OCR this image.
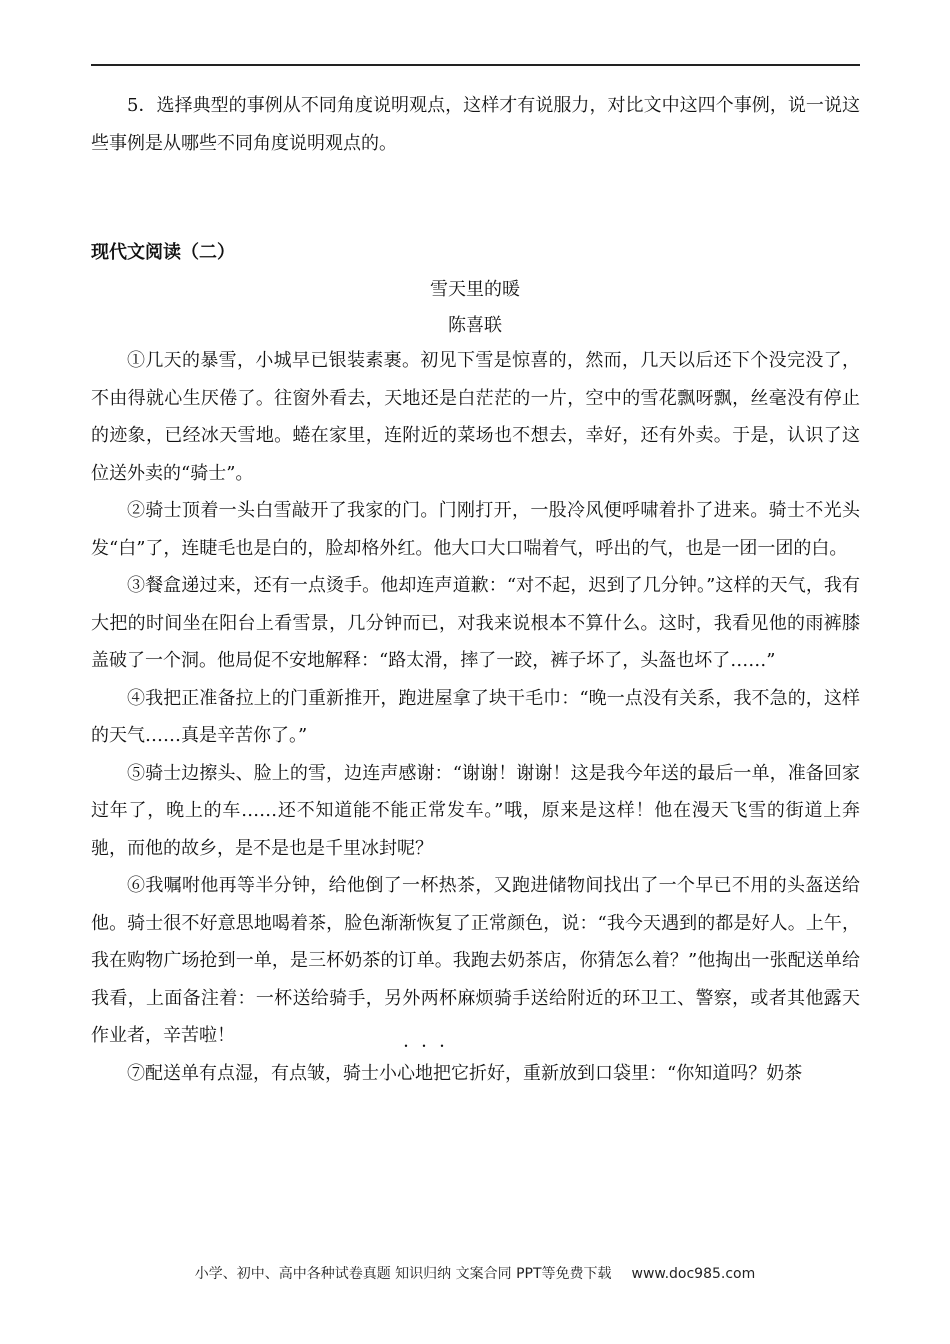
5．选择典型的事例从不同角度说明观点，这样才有说服力，对比文中这四个事例，说一说这些事例是从哪些不同角度说明观点的。
现代文阅读（二）
雪天里的暖
陈喜联

①几天的暴雪，小城早已银装素裹。初见下雪是惊喜的，然而，几天以后还下个没完没了，不由得就心生厌倦了。往窗外看去，天地还是白茫茫的一片，空中的雪花飘呀飘，丝毫没有停止的迹象，已经冰天雪地。蜷在家里，连附近的菜场也不想去，幸好，还有外卖。于是，认识了这位送外卖的“骑士”。

②骑士顶着一头白雪敲开了我家的门。门刚打开，一股冷风便呼啸着扑了进来。骑士不光头发“白”了，连睫毛也是白的，脸却格外红。他大口大口喘着气，呼出的气，也是一团一团的白。

③餐盒递过来，还有一点烫手。他却连声道歉：“对不起，迟到了几分钟。”这样的天气，我有大把的时间坐在阳台上看雪景，几分钟而已，对我来说根本不算什么。这时，我看见他的雨裤膝盖破了一个洞。他局促不安地解释：“路太滑，摔了一跤，裤子坏了，头盔也坏了……”

④我把正准备拉上的门重新推开，跑进屋拿了块干毛巾：“晚一点没有关系，我不急的，这样的天气……真是辛苦你了。”

⑤骑士边擦头、脸上的雪，边连声感谢：“谢谢！谢谢！这是我今年送的最后一单，准备回家过年了，晚上的车……还不知道能不能正常发车。”哦，原来是这样！他在漫天飞雪的街道上奔驰，而他的故乡，是不是也是千里冰封呢？

⑥我嘱咐他再等半分钟，给他倒了一杯热茶，又跑进储物间找出了一个早已不用的头盔送给他。骑士很不好意思地喝着茶，脸色渐渐恢复了正常颜色，说：“我今天遇到的都是好人。上午，我在购物广场抢到一单，是三杯奶茶的订单。我跑去奶茶店，你猜怎么着？”他掏出一张配送单给我看，上面备注着：一杯送给骑手，另外两杯麻烦骑手送给附近的环卫工、警察，或者其他露天作业者，辛苦啦！

⑦配送单有点湿，有点皱，骑士小心地把它折好，重新放到口袋里：“你知道吗？奶茶

小学、初中、高中各种试卷真题 知识归纳 文案合同 PPT等免费下载 www.doc985.com
